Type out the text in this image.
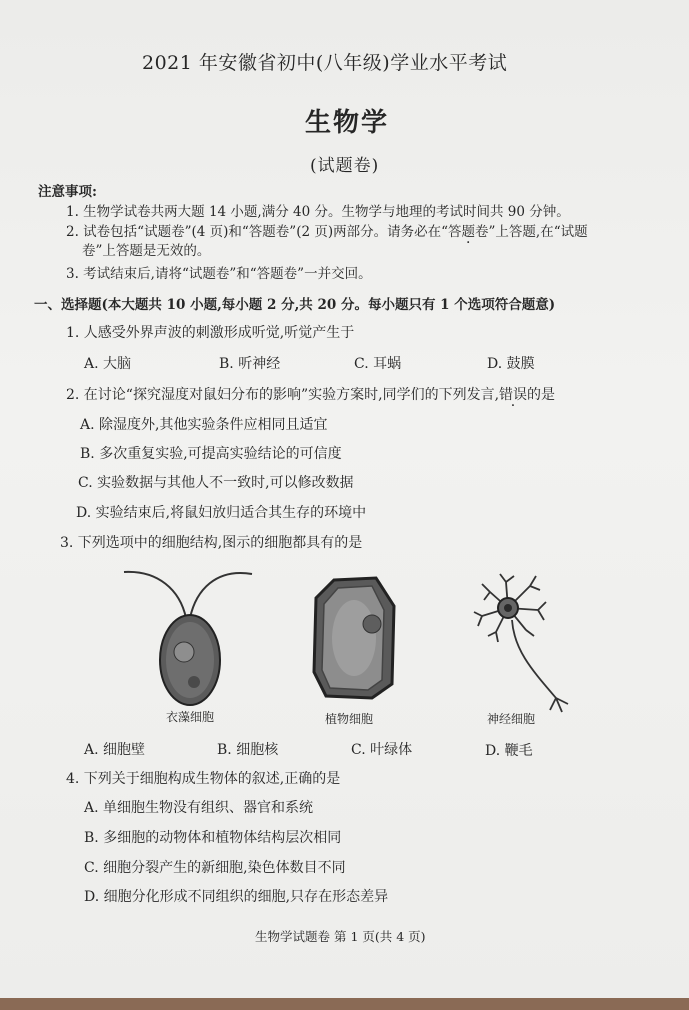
2021 年安徽省初中(八年级)学业水平考试
生物学
(试题卷)
注意事项:
1. 生物学试卷共两大题 14 小题,满分 40 分。生物学与地理的考试时间共 90 分钟。
2. 试卷包括“试题卷”(4 页)和“答题卷”(2 页)两部分。请务必在“答题卷”上答题,在“试题
卷”上答题是无效的。
3. 考试结束后,请将“试题卷”和“答题卷”一并交回。
一、选择题(本大题共 10 小题,每小题 2 分,共 20 分。每小题只有 1 个选项符合题意)
1. 人感受外界声波的刺激形成听觉,听觉产生于
A. 大脑	B. 听神经	C. 耳蜗	D. 鼓膜
2. 在讨论“探究湿度对鼠妇分布的影响”实验方案时,同学们的下列发言,错误的是
A. 除湿度外,其他实验条件应相同且适宜
B. 多次重复实验,可提高实验结论的可信度
C. 实验数据与其他人不一致时,可以修改数据
D. 实验结束后,将鼠妇放归适合其生存的环境中
3. 下列选项中的细胞结构,图示的细胞都具有的是
衣藻细胞	植物细胞	神经细胞
A. 细胞壁	B. 细胞核	C. 叶绿体	D. 鞭毛
4. 下列关于细胞构成生物体的叙述,正确的是
A. 单细胞生物没有组织、器官和系统
B. 多细胞的动物体和植物体结构层次相同
C. 细胞分裂产生的新细胞,染色体数目不同
D. 细胞分化形成不同组织的细胞,只存在形态差异
生物学试题卷 第 1 页(共 4 页)
